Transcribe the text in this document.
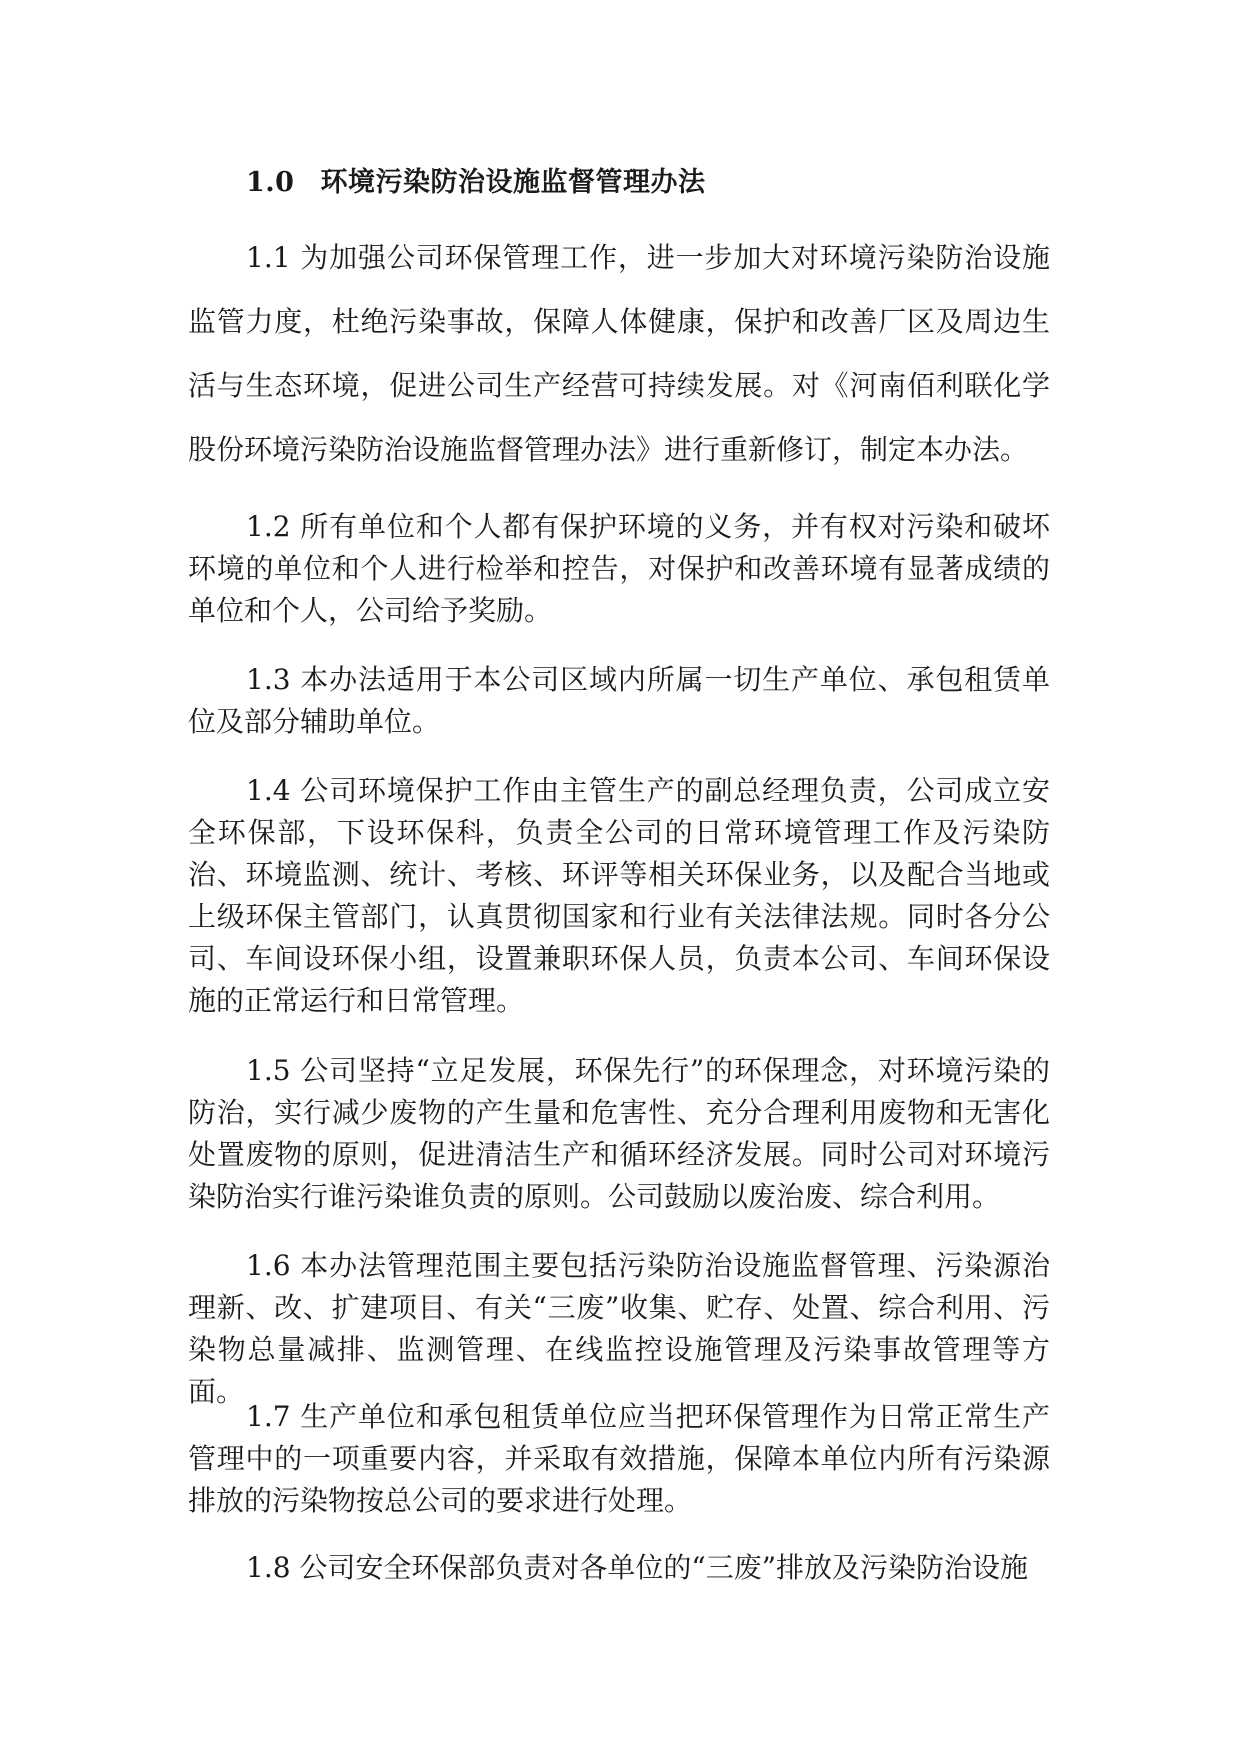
1.0 环境污染防治设施监督管理办法

1.1 为加强公司环保管理工作，进一步加大对环境污染防治设施监管力度，杜绝污染事故，保障人体健康，保护和改善厂区及周边生活与生态环境，促进公司生产经营可持续发展。对《河南佰利联化学股份环境污染防治设施监督管理办法》进行重新修订，制定本办法。

1.2 所有单位和个人都有保护环境的义务，并有权对污染和破坏环境的单位和个人进行检举和控告，对保护和改善环境有显著成绩的单位和个人，公司给予奖励。

1.3 本办法适用于本公司区域内所属一切生产单位、承包租赁单位及部分辅助单位。

1.4 公司环境保护工作由主管生产的副总经理负责，公司成立安全环保部，下设环保科，负责全公司的日常环境管理工作及污染防治、环境监测、统计、考核、环评等相关环保业务，以及配合当地或上级环保主管部门，认真贯彻国家和行业有关法律法规。同时各分公司、车间设环保小组，设置兼职环保人员，负责本公司、车间环保设施的正常运行和日常管理。

1.5 公司坚持“立足发展，环保先行”的环保理念，对环境污染的防治，实行减少废物的产生量和危害性、充分合理利用废物和无害化处置废物的原则，促进清洁生产和循环经济发展。同时公司对环境污染防治实行谁污染谁负责的原则。公司鼓励以废治废、综合利用。

1.6 本办法管理范围主要包括污染防治设施监督管理、污染源治理新、改、扩建项目、有关“三废”收集、贮存、处置、综合利用、污染物总量减排、监测管理、在线监控设施管理及污染事故管理等方面。

1.7 生产单位和承包租赁单位应当把环保管理作为日常正常生产管理中的一项重要内容，并采取有效措施，保障本单位内所有污染源排放的污染物按总公司的要求进行处理。

1.8 公司安全环保部负责对各单位的“三废”排放及污染防治设施
